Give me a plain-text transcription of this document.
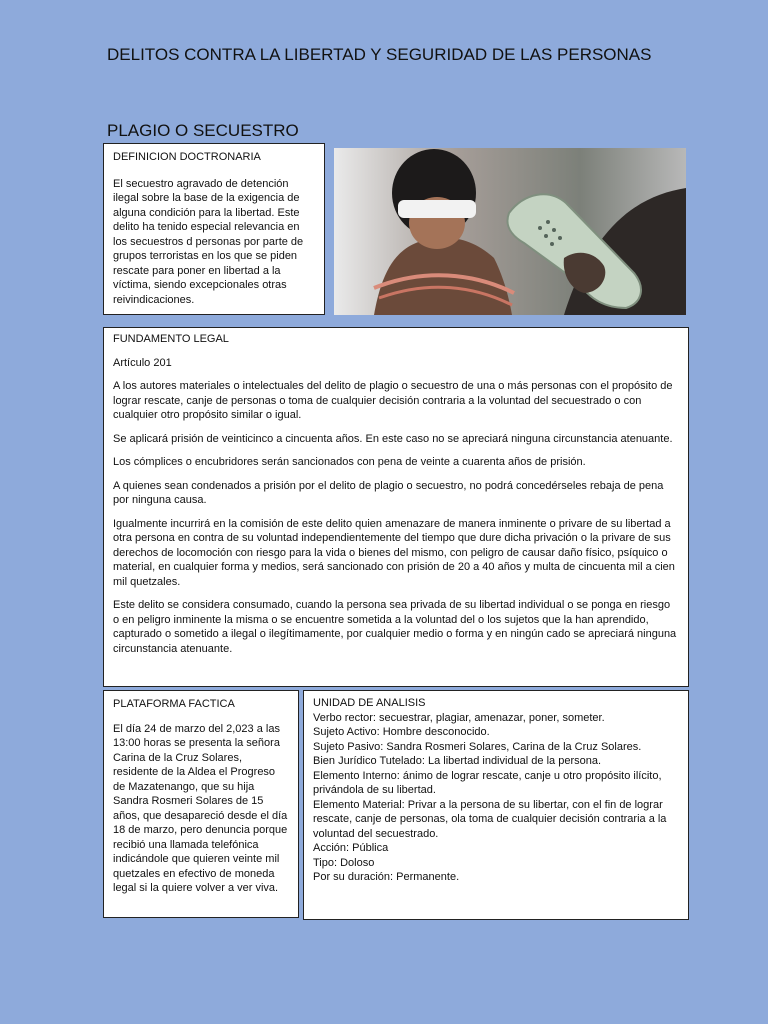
DELITOS CONTRA LA LIBERTAD Y SEGURIDAD DE LAS PERSONAS
PLAGIO O SECUESTRO

DEFINICION DOCTRONARIA

El secuestro agravado de detención ilegal sobre la base de la exigencia de alguna condición para la libertad. Este delito ha tenido especial relevancia en los secuestros d personas por parte de grupos terroristas en los que se piden rescate para poner en libertad a la víctima, siendo excepcionales otras reivindicaciones.

FUNDAMENTO LEGAL

Artículo 201

A los autores materiales o intelectuales del delito de plagio o secuestro de una o más personas con el propósito de lograr rescate, canje de personas o toma de cualquier decisión contraria a la voluntad del secuestrado o con cualquier otro propósito similar o igual.

Se aplicará prisión de veinticinco a cincuenta años. En este caso no se apreciará ninguna circunstancia atenuante.

Los cómplices o encubridores serán sancionados con pena de veinte a cuarenta años de prisión.

A quienes sean condenados a prisión por el delito de plagio o secuestro, no podrá concedérseles rebaja de pena por ninguna causa.

Igualmente incurrirá en la comisión de este delito quien amenazare de manera inminente o privare de su libertad a otra persona en contra de su voluntad independientemente del tiempo que dure dicha privación o la privare de sus derechos de locomoción con riesgo para la vida o bienes del mismo, con peligro de causar daño físico, psíquico o material, en cualquier forma y medios, será sancionado con prisión de 20 a 40 años y multa de cincuenta mil a cien mil quetzales.

Este delito se considera consumado, cuando la persona sea privada de su libertad individual o se ponga en riesgo o en peligro inminente la misma o se encuentre sometida a la voluntad del o los sujetos que la han aprendido, capturado o sometido a ilegal o ilegítimamente, por cualquier medio o forma y en ningún cado se apreciará ninguna circunstancia atenuante.

PLATAFORMA FACTICA

El día 24 de marzo del 2,023 a las 13:00 horas se presenta la señora Carina de la Cruz Solares, residente de la Aldea el Progreso de Mazatenango, que su hija Sandra Rosmeri Solares de 15 años, que desapareció desde el día 18 de marzo, pero denuncia porque recibió una llamada telefónica indicándole que quieren veinte mil quetzales en efectivo de moneda legal si la quiere volver a ver viva.

UNIDAD DE ANALISIS

Verbo rector: secuestrar, plagiar, amenazar, poner, someter.

Sujeto Activo: Hombre desconocido.

Sujeto Pasivo: Sandra Rosmeri Solares, Carina de la Cruz Solares.

Bien Jurídico Tutelado: La libertad individual de la persona.

Elemento Interno: ánimo de lograr rescate, canje u otro propósito ilícito, privándola de su libertad.

Elemento Material: Privar a la persona de su libertar, con el fin de lograr rescate, canje de personas, ola toma de cualquier decisión contraria a la voluntad del secuestrado.

Acción: Pública

Tipo: Doloso

Por su duración: Permanente.
